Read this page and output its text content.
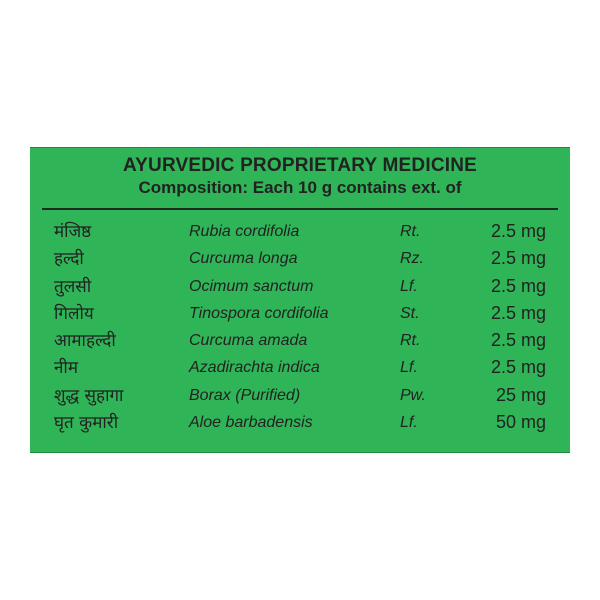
AYURVEDIC PROPRIETARY MEDICINE
Composition: Each 10 g contains ext. of
मंजिष्ठ	Rubia cordifolia	Rt.	2.5 mg
हल्दी	Curcuma longa	Rz.	2.5 mg
तुलसी	Ocimum sanctum	Lf.	2.5 mg
गिलोय	Tinospora cordifolia	St.	2.5 mg
आमाहल्दी	Curcuma amada	Rt.	2.5 mg
नीम	Azadirachta indica	Lf.	2.5 mg
शुद्ध सुहागा	Borax (Purified)	Pw.	25 mg
घृत कुमारी	Aloe barbadensis	Lf.	50 mg
